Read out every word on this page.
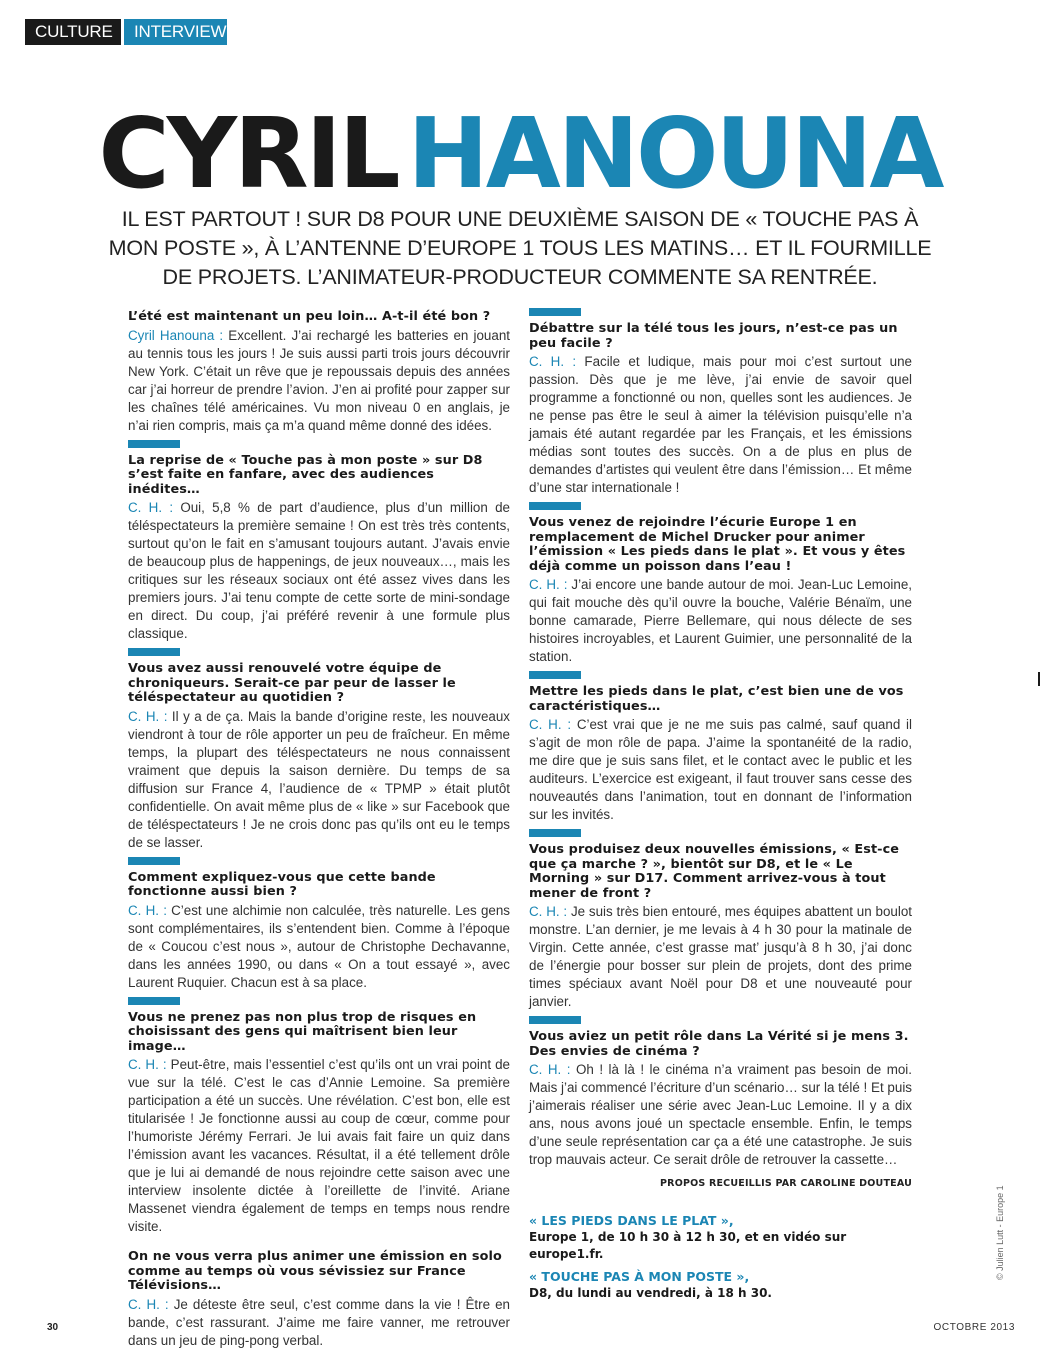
CULTURE	INTERVIEW
CYRIL HANOUNA
IL EST PARTOUT ! SUR D8 POUR UNE DEUXIÈME SAISON DE « TOUCHE PAS À MON POSTE », À L’ANTENNE D’EUROPE 1 TOUS LES MATINS… ET IL FOURMILLE DE PROJETS. L’ANIMATEUR-PRODUCTEUR COMMENTE SA RENTRÉE.
L’été est maintenant un peu loin… A-t-il été bon ?
Cyril Hanouna : Excellent. J’ai rechargé les batteries en jouant au tennis tous les jours ! Je suis aussi parti trois jours découvrir New York. C’était un rêve que je repoussais depuis des années car j’ai horreur de prendre l’avion. J’en ai profité pour zapper sur les chaînes télé américaines. Vu mon niveau 0 en anglais, je n’ai rien compris, mais ça m’a quand même donné des idées.
La reprise de « Touche pas à mon poste » sur D8 s’est faite en fanfare, avec des audiences inédites…
C. H. : Oui, 5,8 % de part d’audience, plus d’un million de téléspectateurs la première semaine ! On est très très contents, surtout qu’on le fait en s’amusant toujours autant. J’avais envie de beaucoup plus de happenings, de jeux nouveaux…, mais les critiques sur les réseaux sociaux ont été assez vives dans les premiers jours. J’ai tenu compte de cette sorte de mini-sondage en direct. Du coup, j’ai préféré revenir à une formule plus classique.
Vous avez aussi renouvelé votre équipe de chroniqueurs. Serait-ce par peur de lasser le téléspectateur au quotidien ?
C. H. : Il y a de ça. Mais la bande d’origine reste, les nouveaux viendront à tour de rôle apporter un peu de fraîcheur. En même temps, la plupart des téléspectateurs ne nous connaissent vraiment que depuis la saison dernière. Du temps de sa diffusion sur France 4, l’audience de « TPMP » était plutôt confidentielle. On avait même plus de « like » sur Facebook que de téléspectateurs ! Je ne crois donc pas qu’ils ont eu le temps de se lasser.
Comment expliquez-vous que cette bande fonctionne aussi bien ?
C. H. : C’est une alchimie non calculée, très naturelle. Les gens sont complémentaires, ils s’entendent bien. Comme à l’époque de « Coucou c’est nous », autour de Christophe Dechavanne, dans les années 1990, ou dans « On a tout essayé », avec Laurent Ruquier. Chacun est à sa place.
Vous ne prenez pas non plus trop de risques en choisissant des gens qui maîtrisent bien leur image…
C. H. : Peut-être, mais l’essentiel c’est qu’ils ont un vrai point de vue sur la télé. C’est le cas d’Annie Lemoine. Sa première participation a été un succès. Une révélation. C’est bon, elle est titularisée ! Je fonctionne aussi au coup de cœur, comme pour l’humoriste Jérémy Ferrari. Je lui avais fait faire un quiz dans l’émission avant les vacances. Résultat, il a été tellement drôle que je lui ai demandé de nous rejoindre cette saison avec une interview insolente dictée à l’oreillette de l’invité. Ariane Massenet viendra également de temps en temps nous rendre visite.
On ne vous verra plus animer une émission en solo comme au temps où vous sévissiez sur France Télévisions…
C. H. : Je déteste être seul, c’est comme dans la vie ! Être en bande, c’est rassurant. J’aime me faire vanner, me retrouver dans un jeu de ping-pong verbal.
Débattre sur la télé tous les jours, n’est-ce pas un peu facile ?
C. H. : Facile et ludique, mais pour moi c’est surtout une passion. Dès que je me lève, j’ai envie de savoir quel programme a fonctionné ou non, quelles sont les audiences. Je ne pense pas être le seul à aimer la télévision puisqu’elle n’a jamais été autant regardée par les Français, et les émissions médias sont toutes des succès. On a de plus en plus de demandes d’artistes qui veulent être dans l’émission… Et même d’une star internationale !
Vous venez de rejoindre l’écurie Europe 1 en remplacement de Michel Drucker pour animer l’émission « Les pieds dans le plat ». Et vous y êtes déjà comme un poisson dans l’eau !
C. H. : J’ai encore une bande autour de moi. Jean-Luc Lemoine, qui fait mouche dès qu’il ouvre la bouche, Valérie Bénaïm, une bonne camarade, Pierre Bellemare, qui nous délecte de ses histoires incroyables, et Laurent Guimier, une personnalité de la station.
Mettre les pieds dans le plat, c’est bien une de vos caractéristiques…
C. H. : C’est vrai que je ne me suis pas calmé, sauf quand il s’agit de mon rôle de papa. J’aime la spontanéité de la radio, me dire que je suis sans filet, et le contact avec le public et les auditeurs. L’exercice est exigeant, il faut trouver sans cesse des nouveautés dans l’animation, tout en donnant de l’information sur les invités.
Vous produisez deux nouvelles émissions, « Est-ce que ça marche ? », bientôt sur D8, et le « Le Morning » sur D17. Comment arrivez-vous à tout mener de front ?
C. H. : Je suis très bien entouré, mes équipes abattent un boulot monstre. L’an dernier, je me levais à 4 h 30 pour la matinale de Virgin. Cette année, c’est grasse mat’ jusqu’à 8 h 30, j’ai donc de l’énergie pour bosser sur plein de projets, dont des prime times spéciaux avant Noël pour D8 et une nouveauté pour janvier.
Vous aviez un petit rôle dans La Vérité si je mens 3. Des envies de cinéma ?
C. H. : Oh ! là là ! le cinéma n’a vraiment pas besoin de moi. Mais j’ai commencé l’écriture d’un scénario… sur la télé ! Et puis j’aimerais réaliser une série avec Jean-Luc Lemoine. Il y a dix ans, nous avons joué un spectacle ensemble. Enfin, le temps d’une seule représentation car ça a été une catastrophe. Je suis trop mauvais acteur. Ce serait drôle de retrouver la cassette…
PROPOS RECUEILLIS PAR CAROLINE DOUTEAU
« LES PIEDS DANS LE PLAT »,
Europe 1, de 10 h 30 à 12 h 30, et en vidéo sur europe1.fr.
« TOUCHE PAS À MON POSTE »,
D8, du lundi au vendredi, à 18 h 30.
© Julien Lutt - Europe 1
30	OCTOBRE 2013
